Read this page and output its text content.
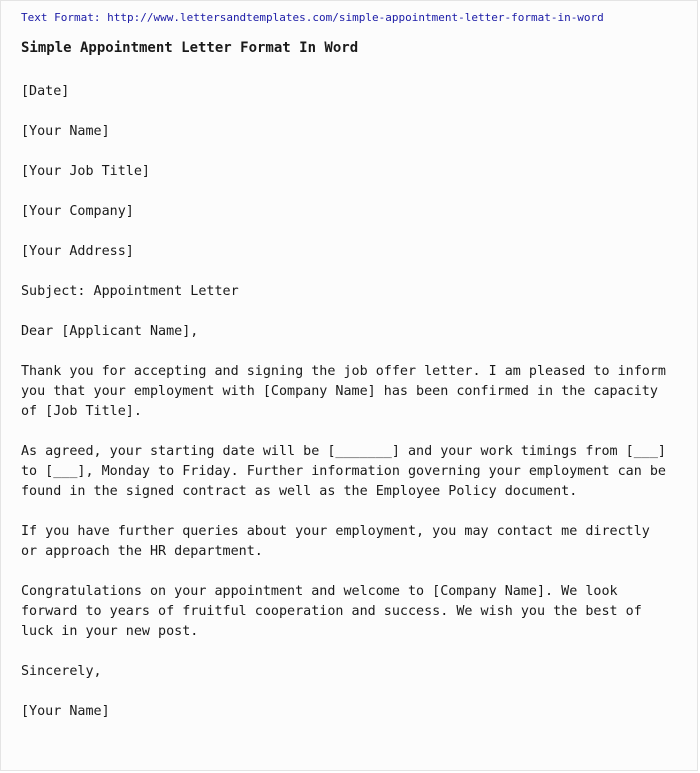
Text Format: http://www.lettersandtemplates.com/simple-appointment-letter-format-in-word
Simple Appointment Letter Format In Word

[Date]

[Your Name]

[Your Job Title]

[Your Company]

[Your Address]

Subject: Appointment Letter

Dear [Applicant Name],

Thank you for accepting and signing the job offer letter. I am pleased to inform
you that your employment with [Company Name] has been confirmed in the capacity
of [Job Title].

As agreed, your starting date will be [_______] and your work timings from [___]
to [___], Monday to Friday. Further information governing your employment can be
found in the signed contract as well as the Employee Policy document.

If you have further queries about your employment, you may contact me directly
or approach the HR department.

Congratulations on your appointment and welcome to [Company Name]. We look
forward to years of fruitful cooperation and success. We wish you the best of
luck in your new post.

Sincerely,

[Your Name]
